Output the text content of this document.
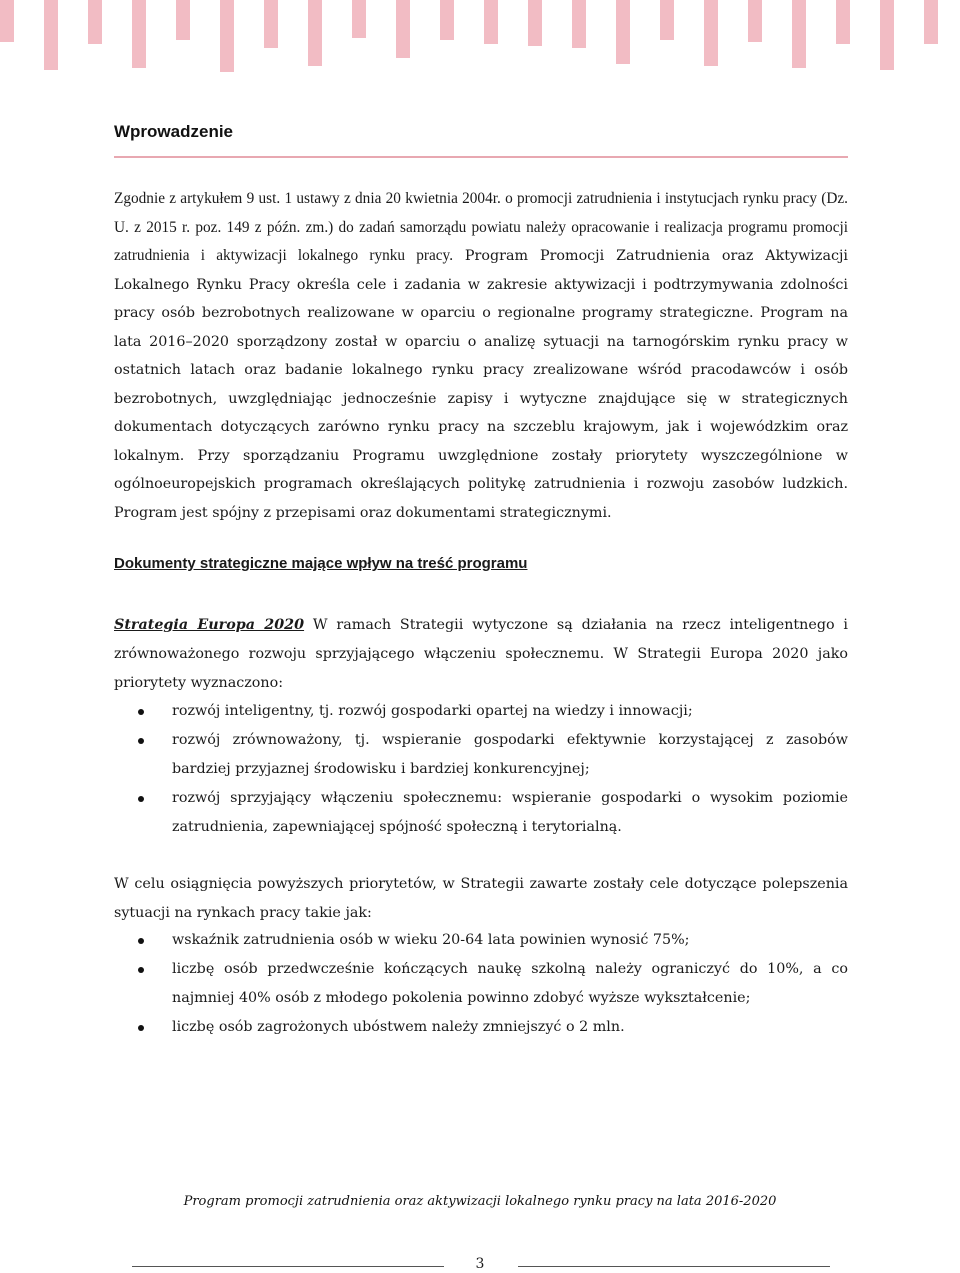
Wprowadzenie

Zgodnie z artykułem 9 ust. 1 ustawy z dnia 20 kwietnia 2004r. o promocji zatrudnienia i instytucjach rynku pracy (Dz. U. z 2015 r. poz. 149 z późn. zm.) do zadań samorządu powiatu należy opracowanie i realizacja programu promocji zatrudnienia i aktywizacji lokalnego rynku pracy. Program Promocji Zatrudnienia oraz Aktywizacji Lokalnego Rynku Pracy określa cele i zadania w zakresie aktywizacji i podtrzymywania zdolności pracy osób bezrobotnych realizowane w oparciu o regionalne programy strategiczne. Program na lata 2016–2020 sporządzony został w oparciu o analizę sytuacji na tarnogórskim rynku pracy w ostatnich latach oraz badanie lokalnego rynku pracy zrealizowane wśród pracodawców i osób bezrobotnych, uwzględniając jednocześnie zapisy i wytyczne znajdujące się w strategicznych dokumentach dotyczących zarówno rynku pracy na szczeblu krajowym, jak i wojewódzkim oraz lokalnym. Przy sporządzaniu Programu uwzględnione zostały priorytety wyszczególnione w ogólnoeuropejskich programach określających politykę zatrudnienia i rozwoju zasobów ludzkich. Program jest spójny z przepisami oraz dokumentami strategicznymi.

Dokumenty strategiczne mające wpływ na treść programu

Strategia Europa 2020 W ramach Strategii wytyczone są działania na rzecz inteligentnego i zrównoważonego rozwoju sprzyjającego włączeniu społecznemu. W Strategii Europa 2020 jako priorytety wyznaczono:

rozwój inteligentny, tj. rozwój gospodarki opartej na wiedzy i innowacji;
rozwój zrównoważony, tj. wspieranie gospodarki efektywnie korzystającej z zasobów bardziej przyjaznej środowisku i bardziej konkurencyjnej;
rozwój sprzyjający włączeniu społecznemu: wspieranie gospodarki o wysokim poziomie zatrudnienia, zapewniającej spójność społeczną i terytorialną.

W celu osiągnięcia powyższych priorytetów, w Strategii zawarte zostały cele dotyczące polepszenia sytuacji na rynkach pracy takie jak:

wskaźnik zatrudnienia osób w wieku 20-64 lata powinien wynosić 75%;
liczbę osób przedwcześnie kończących naukę szkolną należy ograniczyć do 10%, a co najmniej 40% osób z młodego pokolenia powinno zdobyć wyższe wykształcenie;
liczbę osób zagrożonych ubóstwem należy zmniejszyć o 2 mln.
Program promocji zatrudnienia oraz aktywizacji lokalnego rynku pracy na lata 2016-2020
3
